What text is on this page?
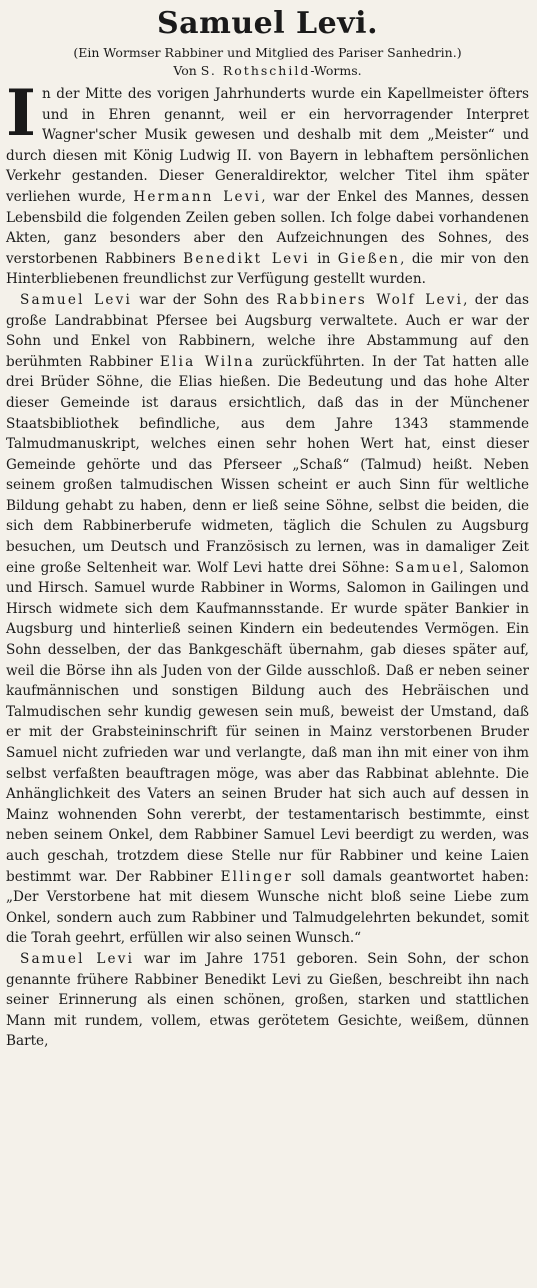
Samuel Levi.
(Ein Wormser Rabbiner und Mitglied des Pariser Sanhedrin.)
Von S. Rothschild-Worms.

In der Mitte des vorigen Jahrhunderts wurde ein Kapellmeister öfters und in Ehren genannt, weil er ein hervorragender Interpret Wagner'scher Musik gewesen und deshalb mit dem „Meister“ und durch diesen mit König Ludwig II. von Bayern in lebhaftem persönlichen Verkehr gestanden. Dieser Generaldirektor, welcher Titel ihm später verliehen wurde, Hermann Levi, war der Enkel des Mannes, dessen Lebensbild die folgenden Zeilen geben sollen. Ich folge dabei vorhandenen Akten, ganz besonders aber den Aufzeichnungen des Sohnes, des verstorbenen Rabbiners Benedikt Levi in Gießen, die mir von den Hinterbliebenen freundlichst zur Verfügung gestellt wurden.

Samuel Levi war der Sohn des Rabbiners Wolf Levi, der das große Landrabbinat Pfersee bei Augsburg verwaltete. Auch er war der Sohn und Enkel von Rabbinern, welche ihre Abstammung auf den berühmten Rabbiner Elia Wilna zurückführten. In der Tat hatten alle drei Brüder Söhne, die Elias hießen. Die Bedeutung und das hohe Alter dieser Gemeinde ist daraus ersichtlich, daß das in der Münchener Staatsbibliothek befindliche, aus dem Jahre 1343 stammende Talmudmanuskript, welches einen sehr hohen Wert hat, einst dieser Gemeinde gehörte und das Pferseer „Schaß“ (Talmud) heißt. Neben seinem großen talmudischen Wissen scheint er auch Sinn für weltliche Bildung gehabt zu haben, denn er ließ seine Söhne, selbst die beiden, die sich dem Rabbinerberufe widmeten, täglich die Schulen zu Augsburg besuchen, um Deutsch und Französisch zu lernen, was in damaliger Zeit eine große Seltenheit war. Wolf Levi hatte drei Söhne: Samuel, Salomon und Hirsch. Samuel wurde Rabbiner in Worms, Salomon in Gailingen und Hirsch widmete sich dem Kaufmannsstande. Er wurde später Bankier in Augsburg und hinterließ seinen Kindern ein bedeutendes Vermögen. Ein Sohn desselben, der das Bankgeschäft übernahm, gab dieses später auf, weil die Börse ihn als Juden von der Gilde ausschloß. Daß er neben seiner kaufmännischen und sonstigen Bildung auch des Hebräischen und Talmudischen sehr kundig gewesen sein muß, beweist der Umstand, daß er mit der Grabsteininschrift für seinen in Mainz verstorbenen Bruder Samuel nicht zufrieden war und verlangte, daß man ihn mit einer von ihm selbst verfaßten beauftragen möge, was aber das Rabbinat ablehnte. Die Anhänglichkeit des Vaters an seinen Bruder hat sich auch auf dessen in Mainz wohnenden Sohn vererbt, der testamentarisch bestimmte, einst neben seinem Onkel, dem Rabbiner Samuel Levi beerdigt zu werden, was auch geschah, trotzdem diese Stelle nur für Rabbiner und keine Laien bestimmt war. Der Rabbiner Ellinger soll damals geantwortet haben: „Der Verstorbene hat mit diesem Wunsche nicht bloß seine Liebe zum Onkel, sondern auch zum Rabbiner und Talmudgelehrten bekundet, somit die Torah geehrt, erfüllen wir also seinen Wunsch.“

Samuel Levi war im Jahre 1751 geboren. Sein Sohn, der schon genannte frühere Rabbiner Benedikt Levi zu Gießen, beschreibt ihn nach seiner Erinnerung als einen schönen, großen, starken und stattlichen Mann mit rundem, vollem, etwas gerötetem Gesichte, weißem, dünnen Barte,
